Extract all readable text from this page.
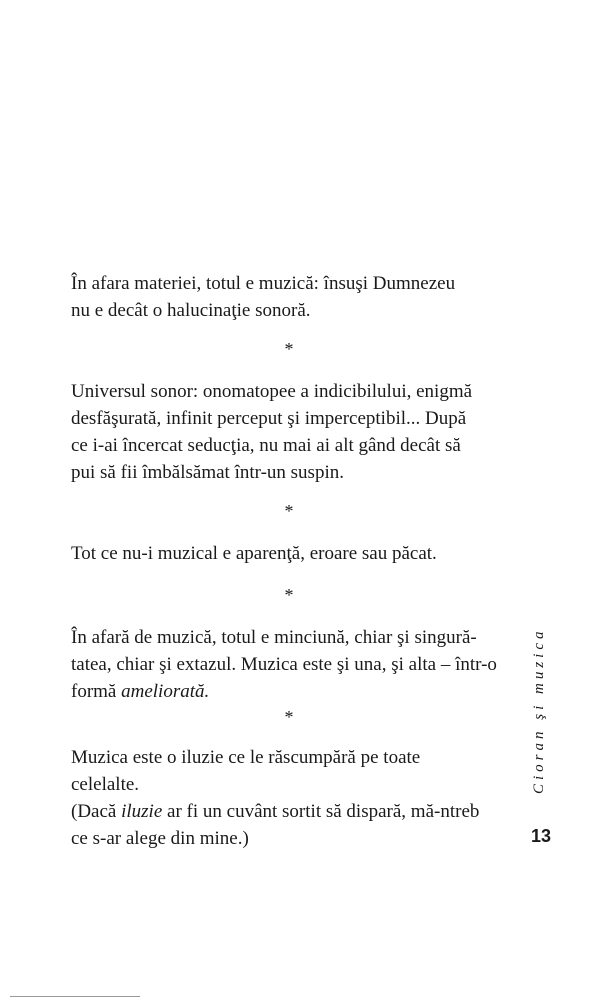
În afara materiei, totul e muzică: însuşi Dumnezeu

nu e decât o halucinaţie sonoră.

*

Universul sonor: onomatopee a indicibilului, enigmă

desfăşurată, infinit perceput şi imperceptibil... După

ce i-ai încercat seducţia, nu mai ai alt gând decât să

pui să fii îmbălsămat într-un suspin.

*

Tot ce nu-i muzical e aparenţă, eroare sau păcat.

*

În afară de muzică, totul e minciună, chiar şi singură-

tatea, chiar şi extazul. Muzica este şi una, şi alta – într-o

formă ameliorată.

*

Muzica este o iluzie ce le răscumpără pe toate

celelalte.

(Dacă iluzie ar fi un cuvânt sortit să dispară, mă-ntreb

ce s-ar alege din mine.)

Cioran şi muzica
13
